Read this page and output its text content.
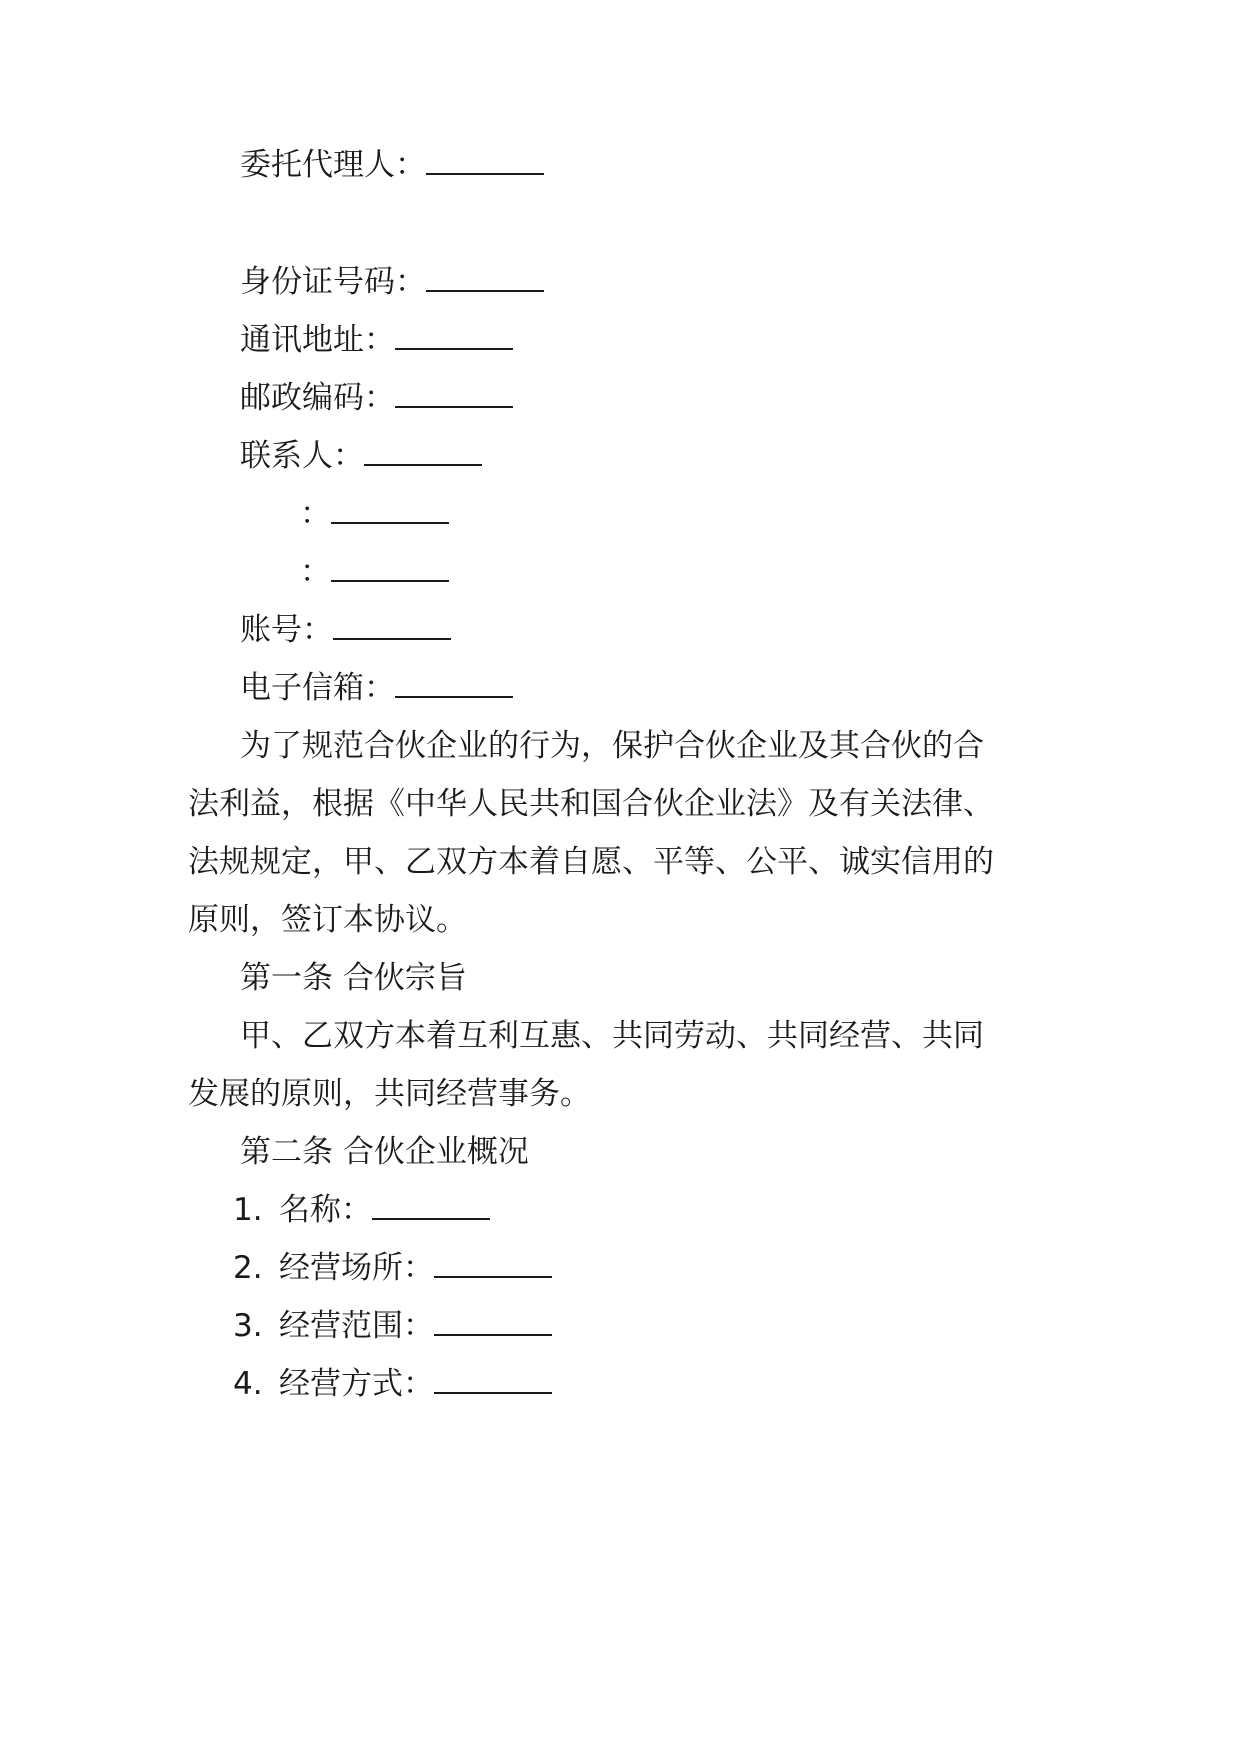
委托代理人：
身份证号码：
通讯地址：
邮政编码：
联系人：
：
：
账号：
电子信箱：
为了规范合伙企业的行为，保护合伙企业及其合伙的合
法利益，根据《中华人民共和国合伙企业法》及有关法律、
法规规定，甲、乙双方本着自愿、平等、公平、诚实信用的
原则，签订本协议。
第一条 合伙宗旨
甲、乙双方本着互利互惠、共同劳动、共同经营、共同
发展的原则，共同经营事务。
第二条 合伙企业概况
1. 名称：
2. 经营场所：
3. 经营范围：
4. 经营方式：
